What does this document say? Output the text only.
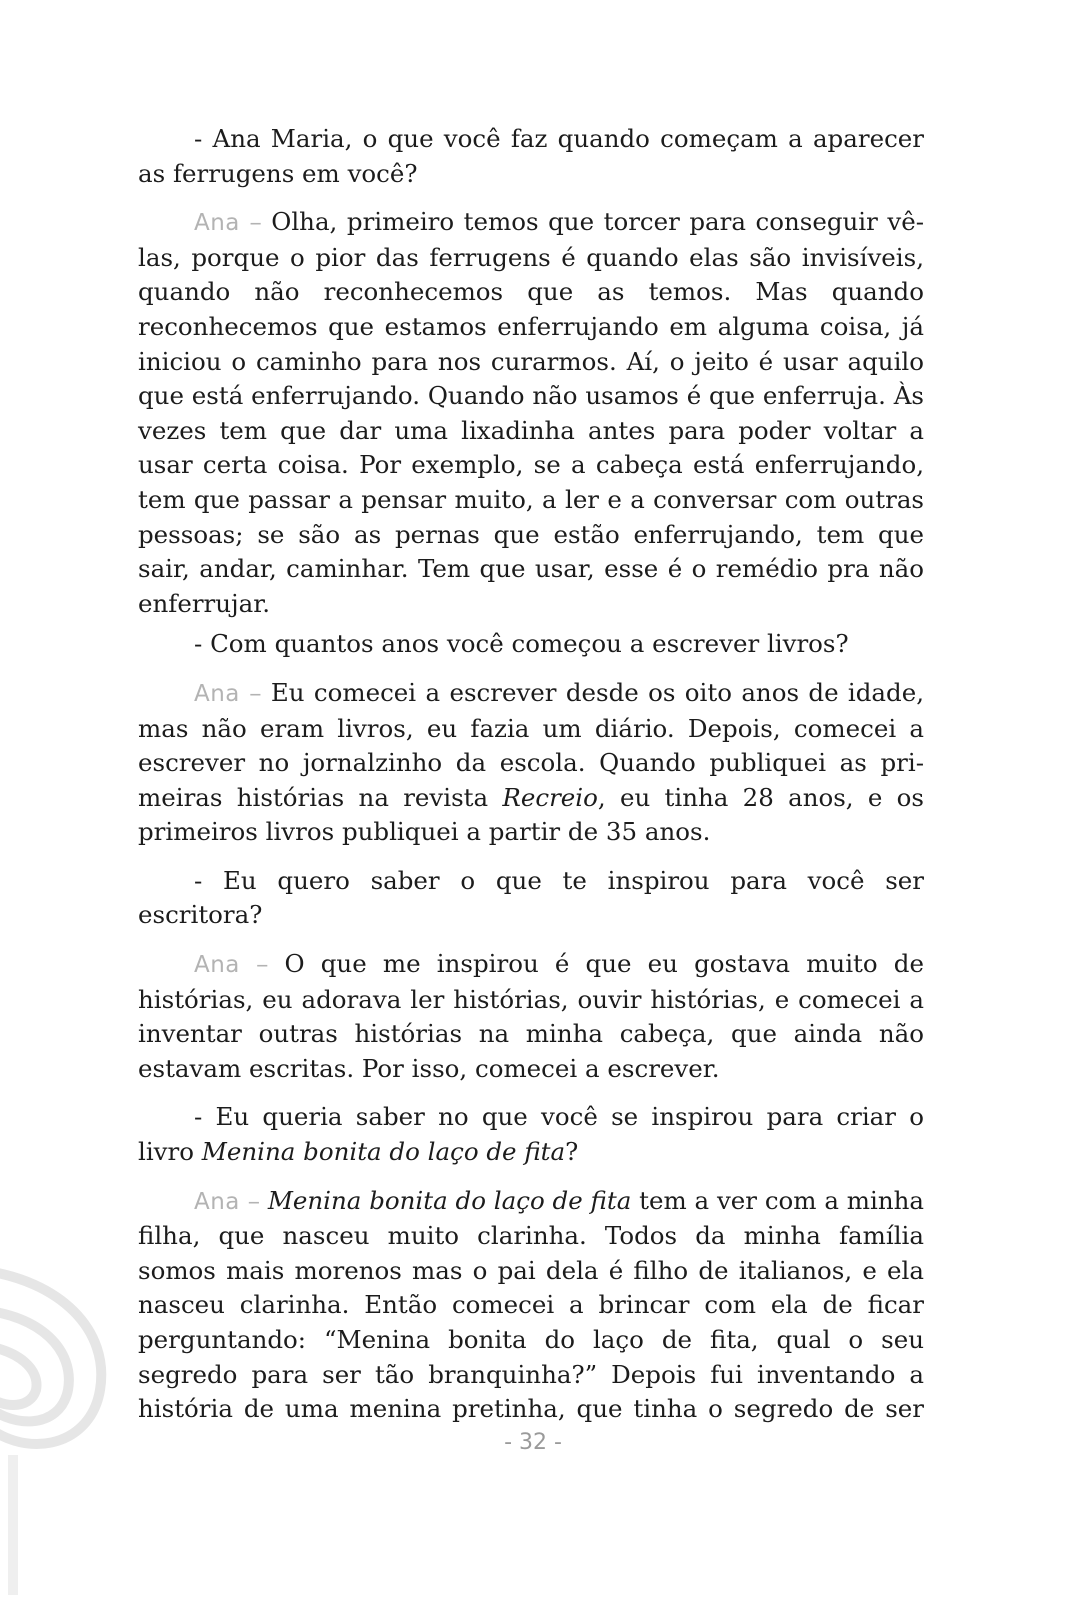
- Ana Maria, o que você faz quando começam a aparecer as ferrugens em você?

Ana – Olha, primeiro temos que torcer para conseguir vê-las, porque o pior das ferrugens é quando elas são invisíveis, quando não reconhecemos que as temos. Mas quando reconhecemos que estamos enferrujando em alguma coisa, já iniciou o caminho para nos curarmos. Aí, o jeito é usar aquilo que está enferrujando. Quando não usamos é que enferruja. Às vezes tem que dar uma lixadinha antes para poder voltar a usar certa coisa. Por exemplo, se a cabeça está enferrujando, tem que passar a pensar muito, a ler e a conversar com outras pessoas; se são as pernas que estão enferrujando, tem que sair, andar, caminhar. Tem que usar, esse é o remédio pra não enferrujar.

- Com quantos anos você começou a escrever livros?

Ana – Eu comecei a escrever desde os oito anos de idade, mas não eram livros, eu fazia um diário. Depois, comecei a escrever no jornalzinho da escola. Quando publiquei as primeiras histórias na revista Recreio, eu tinha 28 anos, e os primeiros livros publiquei a partir de 35 anos.

- Eu quero saber o que te inspirou para você ser escritora?

Ana – O que me inspirou é que eu gostava muito de histórias, eu adorava ler histórias, ouvir histórias, e comecei a inventar outras histórias na minha cabeça, que ainda não estavam escritas. Por isso, comecei a escrever.

- Eu queria saber no que você se inspirou para criar o livro Menina bonita do laço de fita?

Ana – Menina bonita do laço de fita tem a ver com a minha filha, que nasceu muito clarinha. Todos da minha família somos mais morenos mas o pai dela é filho de italianos, e ela nasceu clarinha. Então comecei a brincar com ela de ficar perguntando: “Menina bonita do laço de fita, qual o seu segredo para ser tão branquinha?” Depois fui inventando a história de uma menina pretinha, que tinha o segredo de ser

- 32 -
